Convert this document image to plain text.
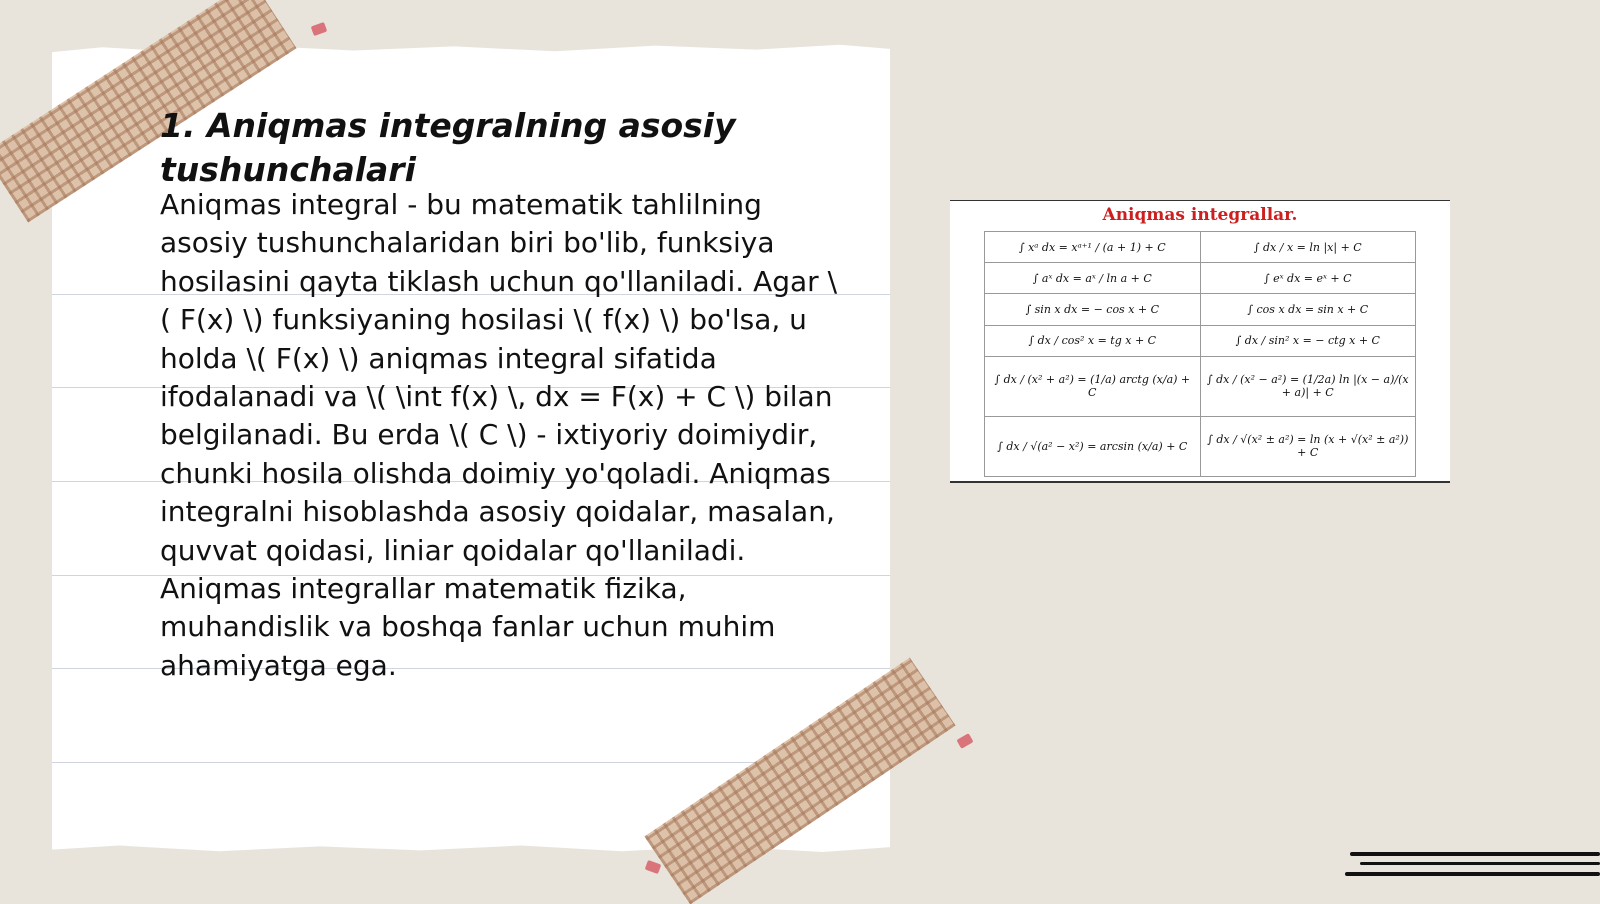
1. Aniqmas integralning asosiy tushunchalari

Aniqmas integral - bu matematik tahlilning asosiy tushunchalaridan biri bo'lib, funksiya hosilasini qayta tiklash uchun qo'llaniladi. Agar \( F(x) \) funksiyaning hosilasi \( f(x) \) bo'lsa, u holda \( F(x) \) aniqmas integral sifatida ifodalanadi va \( \int f(x) \, dx = F(x) + C \) bilan belgilanadi. Bu erda \( C \) - ixtiyoriy doimiydir, chunki hosila olishda doimiy yo'qoladi. Aniqmas integralni hisoblashda asosiy qoidalar, masalan, quvvat qoidasi, liniar qoidalar qo'llaniladi. Aniqmas integrallar matematik fizika, muhandislik va boshqa fanlar uchun muhim ahamiyatga ega.

Aniqmas integrallar.
∫ xᵃ dx = xᵃ⁺¹ / (a + 1) + C	∫ dx / x = ln |x| + C
∫ aˣ dx = aˣ / ln a + C	∫ eˣ dx = eˣ + C
∫ sin x dx = − cos x + C	∫ cos x dx = sin x + C
∫ dx / cos² x = tg x + C	∫ dx / sin² x = − ctg x + C
∫ dx / (x² + a²) = (1/a) arctg (x/a) + C	∫ dx / (x² − a²) = (1/2a) ln |(x − a)/(x + a)| + C
∫ dx / √(a² − x²) = arcsin (x/a) + C	∫ dx / √(x² ± a²) = ln (x + √(x² ± a²)) + C
